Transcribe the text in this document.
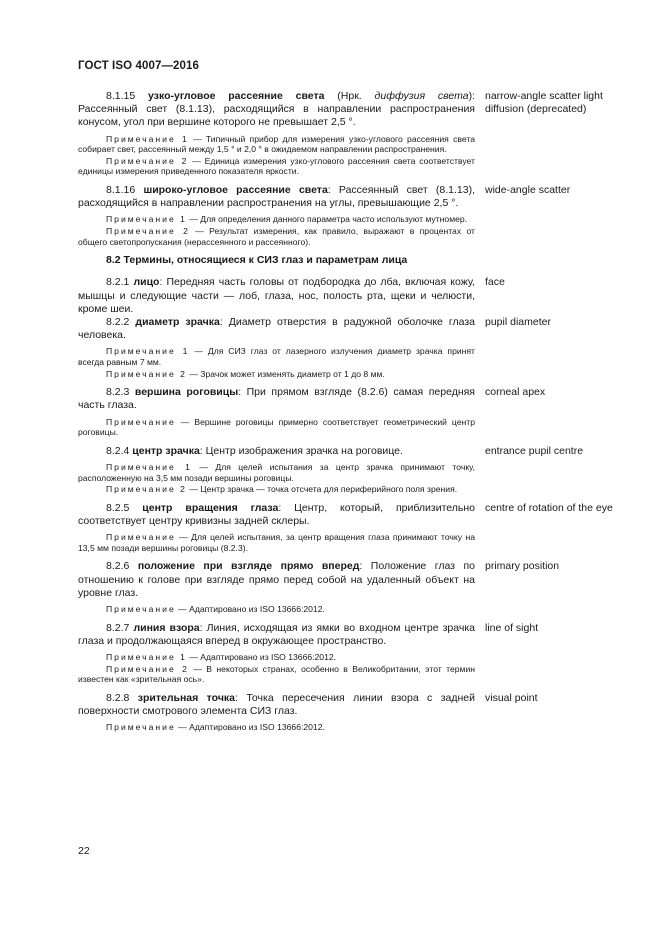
ГОСТ ISO 4007—2016

8.1.15 узко-угловое рассеяние света (Нрк. диффузия света): Рассеянный свет (8.1.13), расходящийся в направлении распространения конусом, угол при вершине которого не превышает 2,5 °.

Примечание 1 — Типичный прибор для измерения узко-углового рассеяния света собирает свет, рассеянный между 1,5 ° и 2,0 ° в ожидаемом направлении распространения.

Примечание 2 — Единица измерения узко-углового рассеяния света соответствует единицы измерения приведенного показателя яркости.

narrow-angle scatter light diffusion (deprecated)

8.1.16 широко-угловое рассеяние света: Рассеянный свет (8.1.13), расходящийся в направлении распространения на углы, превышающие 2,5 °.

Примечание 1 — Для определения данного параметра часто используют мутномер.

Примечание 2 — Результат измерения, как правило, выражают в процентах от общего светопропускания (нерассеянного и рассеянного).

wide-angle scatter
8.2 Термины, относящиеся к СИЗ глаз и параметрам лица

8.2.1 лицо: Передняя часть головы от подбородка до лба, включая кожу, мышцы и следующие части — лоб, глаза, нос, полость рта, щеки и челюсти, кроме шеи.

face

8.2.2 диаметр зрачка: Диаметр отверстия в радужной оболочке глаза человека.

Примечание 1 — Для СИЗ глаз от лазерного излучения диаметр зрачка принят всегда равным 7 мм.

Примечание 2 — Зрачок может изменять диаметр от 1 до 8 мм.

pupil diameter

8.2.3 вершина роговицы: При прямом взгляде (8.2.6) самая передняя часть глаза.

Примечание — Вершине роговицы примерно соответствует геометрический центр роговицы.

corneal apex

8.2.4 центр зрачка: Центр изображения зрачка на роговице.

Примечание 1 — Для целей испытания за центр зрачка принимают точку, расположенную на 3,5 мм позади вершины роговицы.

Примечание 2 — Центр зрачка — точка отсчета для периферийного поля зрения.

entrance pupil centre

8.2.5 центр вращения глаза: Центр, который, приблизительно соответствует центру кривизны задней склеры.

Примечание — Для целей испытания, за центр вращения глаза принимают точку на 13,5 мм позади вершины роговицы (8.2.3).

centre of rotation of the eye

8.2.6 положение при взгляде прямо вперед: Положение глаз по отношению к голове при взгляде прямо перед собой на удаленный объект на уровне глаз.

Примечание — Адаптировано из ISO 13666:2012.

primary position

8.2.7 линия взора: Линия, исходящая из ямки во входном центре зрачка глаза и продолжающаяся вперед в окружающее пространство.

Примечание 1 — Адаптировано из ISO 13666:2012.

Примечание 2 — В некоторых странах, особенно в Великобритании, этот термин известен как «зрительная ось».

line of sight

8.2.8 зрительная точка: Точка пересечения линии взора с задней поверхности смотрового элемента СИЗ глаз.

Примечание — Адаптировано из ISO 13666:2012.

visual point
22
